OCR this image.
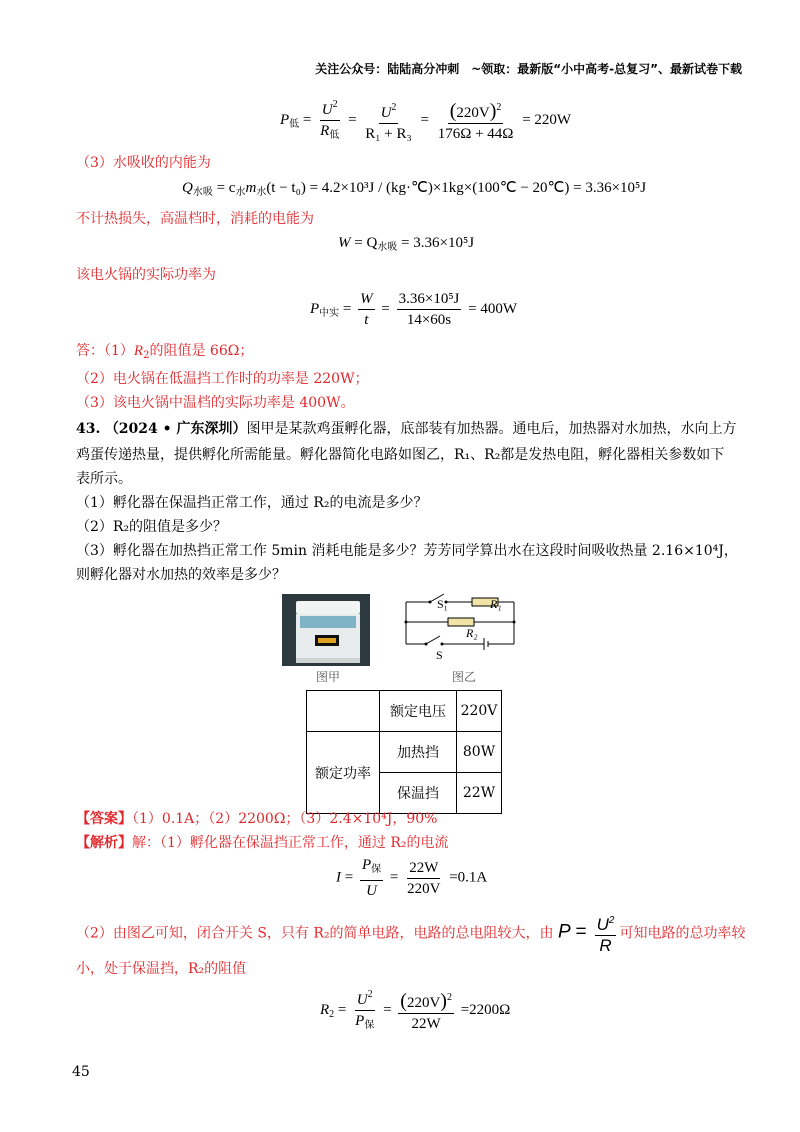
关注公众号：陆陆高分冲刺　~领取：最新版“小中高考-总复习”、最新试卷下载
$P_低 = \frac{U^2}{R_低} = \frac{U^2}{\text{R₁ + R₃}} = \frac{(220V)^2}{176\Omega + 44\Omega} = 220W$
（3）水吸收的内能为
$Q_{水吸} = c_水m_水(t - t_0) = 4.2\times 10^3J$ / (kg·℃)×1kg×(100℃ − 20℃) = 3.36×10⁵J
不计热损失，高温档时，消耗的电能为
$W = Q_{水吸} = 3.36\times 10^5J$
该电火锅的实际功率为
$P_{中实} = \frac{W}{t} = \frac{\text{3.36×10⁵J}}{14\times 60s} = 400W$
答：$(1)R_2$的阻值是 66Ω；
（2）电火锅在低温挡工作时的功率是 220W；
（3）该电火锅中温档的实际功率是 400W。
43. （2024 • 广东深圳）图甲是某款鸡蛋孵化器，底部装有加热器。通电后，加热器对水加热，水向上方
鸡蛋传递热量，提供孵化所需能量。孵化器简化电路如图乙，R₁、R₂都是发热电阻，孵化器相关参数如下
表所示。
（1）孵化器在保温挡正常工作，通过 R₂的电流是多少？
（2）R₂的阻值是多少？
（3）孵化器在加热挡正常工作 5min 消耗电能是多少？芳芳同学算出水在这段时间吸收热量 2.16×10⁴J，
则孵化器对水加热的效率是多少？
S₁	R₁
R₂
S
图甲	图乙
	额定电压	220V
额定功率	加热挡	80W
	保温挡	22W
【答案】（1）0.1A；（2）2200Ω；（3）2.4×10⁴J，90%
【解析】解：（1）孵化器在保温挡正常工作，通过 R₂的电流
$I = \frac{P_保}{U} = \frac{22W}{220V} =0.1A$
（2）由图乙可知，闭合开关 S，只有 R₂的简单电路，电路的总电阻较大，由 $P = \frac{U^2}{R}$ 可知电路的总功率较
小，处于保温挡，R₂的阻值
$R_2 = \frac{U^2}{P_保} = \frac{(220V)^2}{22W} =2200\Omega$
45
